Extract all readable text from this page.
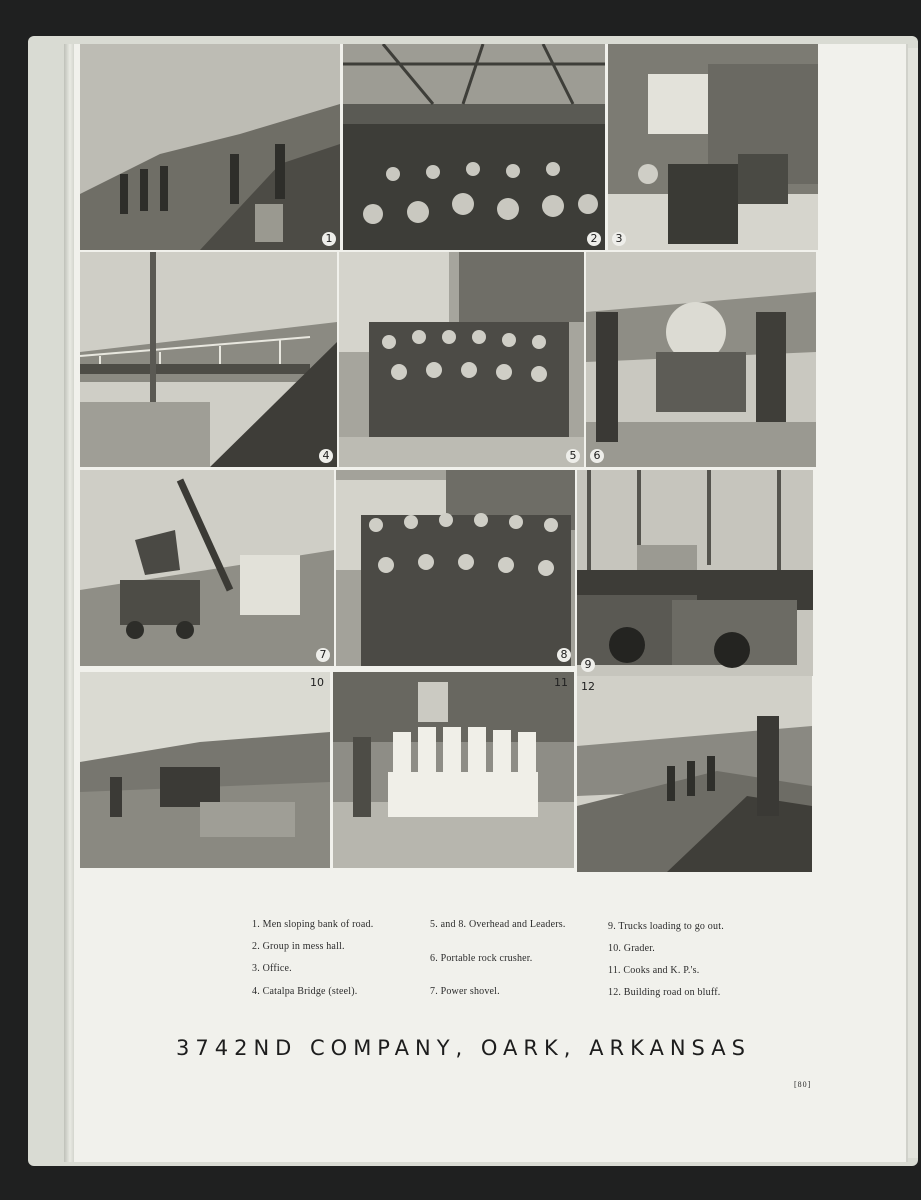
1	2	3
4	5	6
7	8
9
10	11 12
1. Men sloping bank of road.
2. Group in mess hall.
3. Office.
4. Catalpa Bridge (steel).
5. and 8. Overhead and Leaders.
6. Portable rock crusher.
7. Power shovel.
9. Trucks loading to go out.
10. Grader.
11. Cooks and K. P.'s.
12. Building road on bluff.
3742ND COMPANY, OARK, ARKANSAS
[80]
